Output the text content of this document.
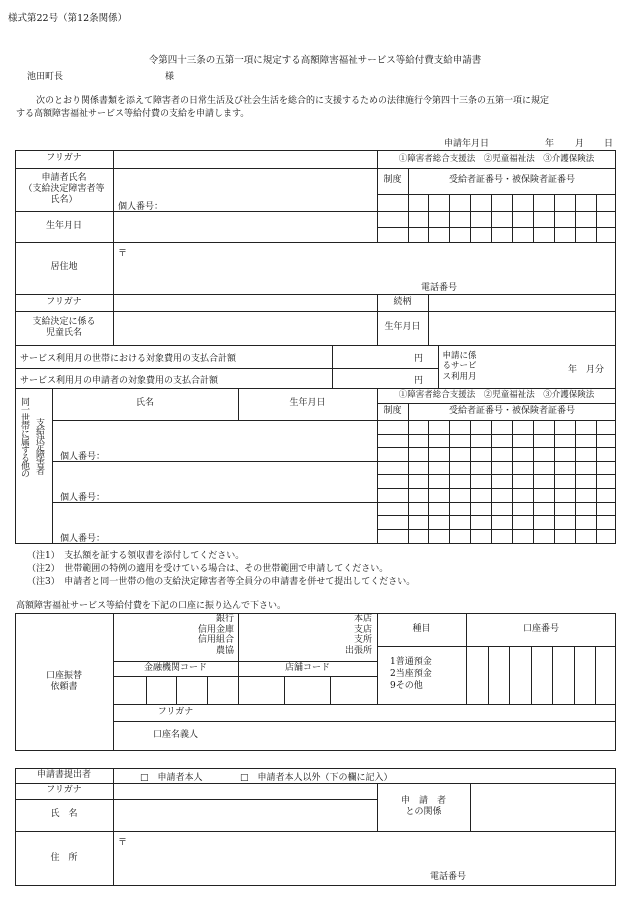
様式第22号（第12条関係）
令第四十三条の五第一項に規定する高額障害福祉サービス等給付費支給申請書
池田町長	様
次のとおり関係書類を添えて障害者の日常生活及び社会生活を総合的に支援するための法律施行令第四十三条の五第一項に規定
する高額障害福祉サービス等給付費の支給を申請します。
申請年月日	年 月 日
フリガナ	①障害者総合支援法　②児童福祉法　③介護保険法
申請者氏名
（支給決定障害者等
氏名）
個人番号：
制度	受給者証番号・被保険者証番号
生年月日
居住地
〒
電話番号
フリガナ	続柄
支給決定に係る
児童氏名
生年月日
サービス利用月の世帯における対象費用の支払合計額	円
サービス利用月の申請者の対象費用の支払合計額	円
申請に係
るサービ
ス利用月
年　月分
同一世帯に属する他の 支給決定障害者
氏名	生年月日
①障害者総合支援法　②児童福祉法　③介護保険法
制度	受給者証番号・被保険者証番号
個人番号：
個人番号：
個人番号：
（注1）　支払額を証する領収書を添付してください。
（注2）　世帯範囲の特例の適用を受けている場合は、その世帯範囲で申請してください。
（注3）　申請者と同一世帯の他の支給決定障害者等全員分の申請書を併せて提出してください。
高額障害福祉サービス等給付費を下記の口座に振り込んで下さい。
口座振替
依頼書
銀行
信用金庫
信用組合
農協
本店
支店
支所
出張所
種目	口座番号
金融機関コード	店舗コード
1普通預金
2当座預金
9その他
フリガナ
口座名義人
申請書提出者	□　申請者本人	□　申請者本人以外（下の欄に記入）
フリガナ
氏　名
申　請　者
との関係
住　所
〒
電話番号
